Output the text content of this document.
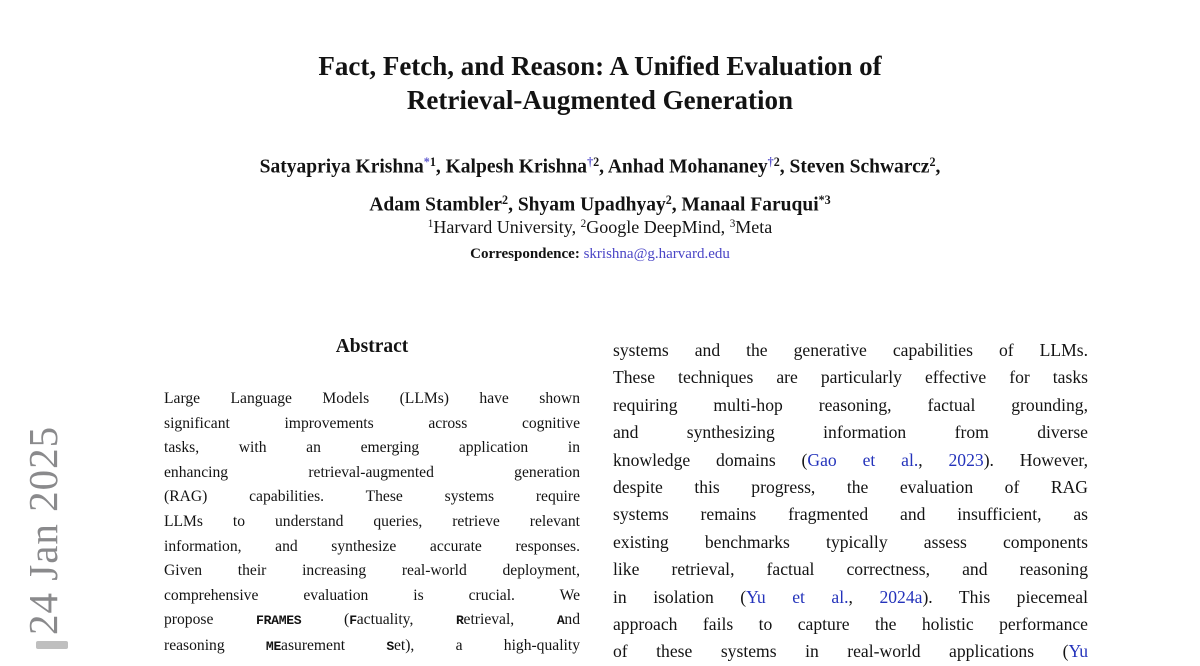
24 Jan 2025
Fact, Fetch, and Reason: A Unified Evaluation of
Retrieval-Augmented Generation
Satyapriya Krishna$^{*1}$, Kalpesh Krishna$^{\dagger 2}$, Anhad Mohananey$^{\dagger 2}$, Steven Schwarcz$^2$,
Adam Stambler$^2$, Shyam Upadhyay$^2$, Manaal Faruqui$^{*3}$
$^1$Harvard University, $^2$Google DeepMind, $^3$Meta
Correspondence: skrishna@g.harvard.edu
Abstract
Large Language Models (LLMs) have shown
significant improvements across cognitive
tasks, with an emerging application in
enhancing retrieval-augmented generation
(RAG) capabilities. These systems require
LLMs to understand queries, retrieve relevant
information, and synthesize accurate responses.
Given their increasing real-world deployment,
comprehensive evaluation is crucial. We
propose FRAMES (Factuality, Retrieval, And
reasoning MEasurement Set), a high-quality
systems and the generative capabilities of LLMs.
These techniques are particularly effective for tasks
requiring multi-hop reasoning, factual grounding,
and synthesizing information from diverse
knowledge domains (Gao et al., 2023). However,
despite this progress, the evaluation of RAG
systems remains fragmented and insufficient, as
existing benchmarks typically assess components
like retrieval, factual correctness, and reasoning
in isolation (Yu et al., 2024a). This piecemeal
approach fails to capture the holistic performance
of these systems in real-world applications (Yu
